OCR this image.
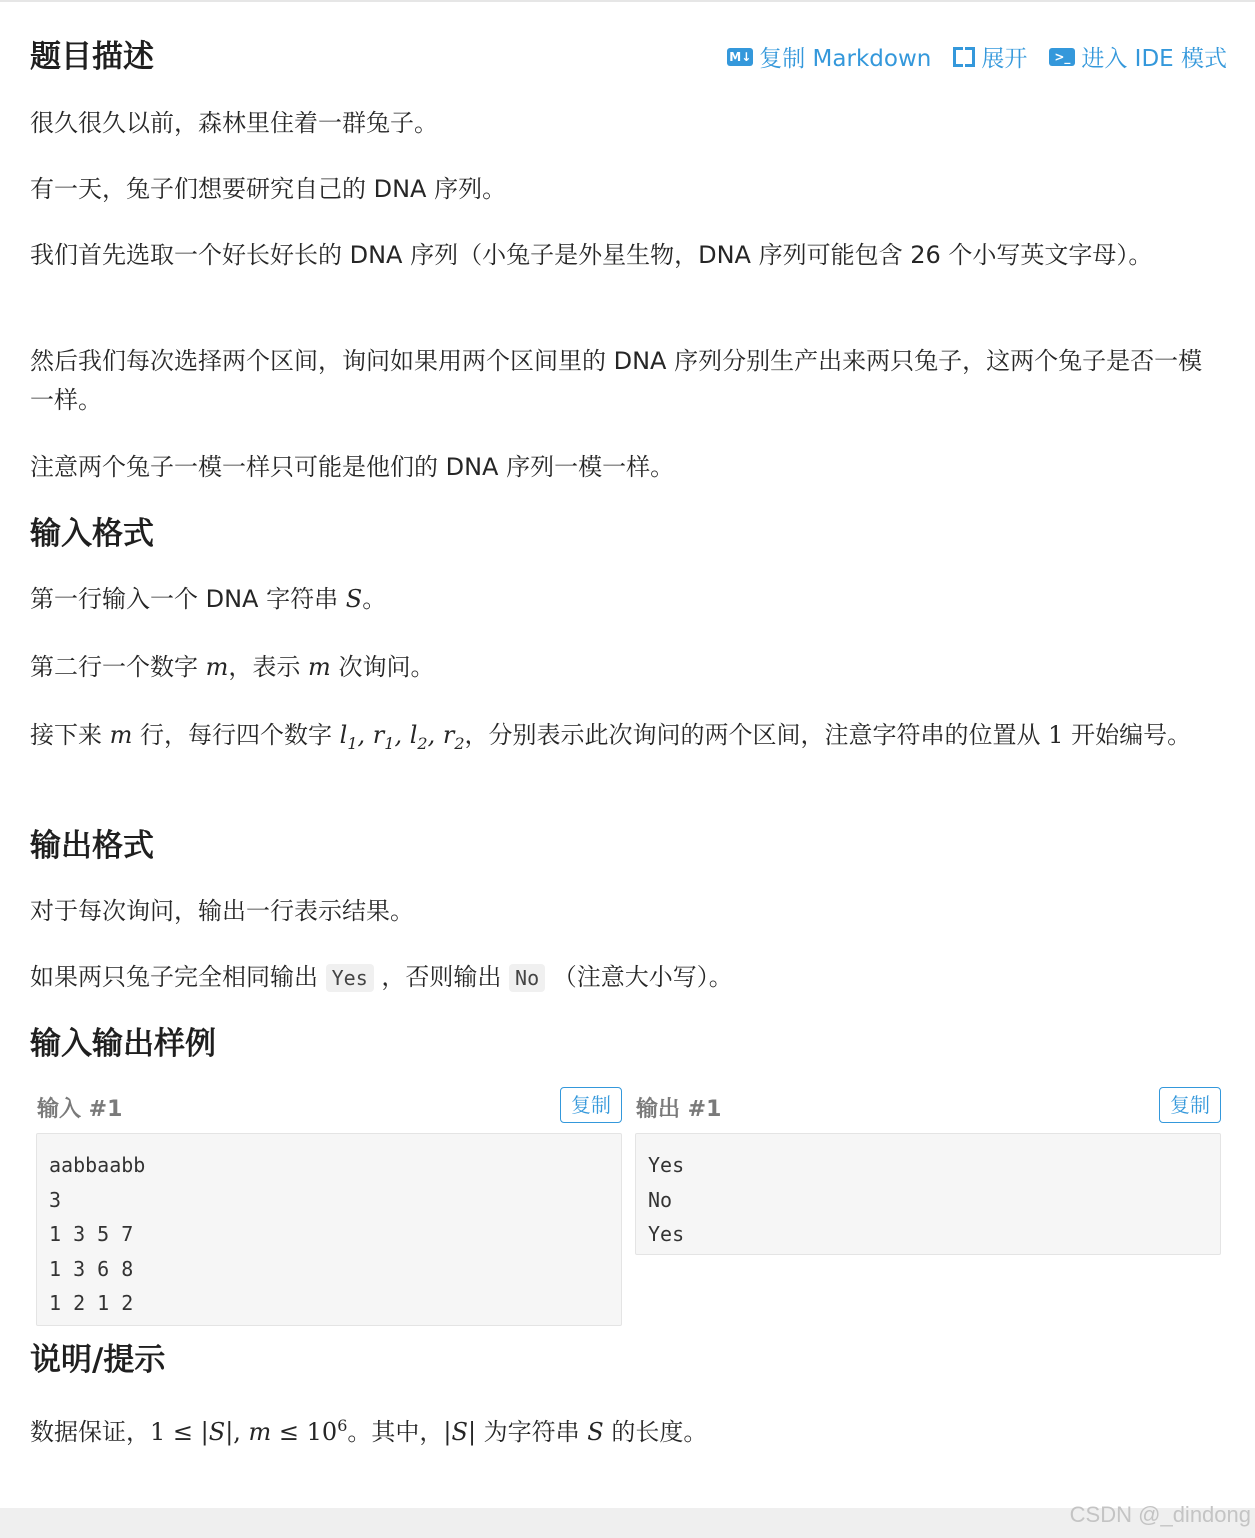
M↓ 复制 Markdown 展开	>_ 进入 IDE 模式
题目描述

很久很久以前，森林里住着一群兔子。

有一天，兔子们想要研究自己的 DNA 序列。

我们首先选取一个好长好长的 DNA 序列（小兔子是外星生物，DNA 序列可能包含 26 个小写英文字母）。

然后我们每次选择两个区间，询问如果用两个区间里的 DNA 序列分别生产出来两只兔子，这两个兔子是否一模一样。

注意两个兔子一模一样只可能是他们的 DNA 序列一模一样。

输入格式

第一行输入一个 DNA 字符串 S。

第二行一个数字 m，表示 m 次询问。

接下来 m 行，每行四个数字 $l_1$, $r_1$, $l_2$, $r_2$，分别表示此次询问的两个区间，注意字符串的位置从 1 开始编号。

输出格式

对于每次询问，输出一行表示结果。

如果两只兔子完全相同输出 Yes ，否则输出 No （注意大小写）。

输入输出样例
输入 #1	复制
aabbaabb
3
1 3 5 7
1 3 6 8
1 2 1 2
输出 #1	复制
Yes
No
Yes
说明/提示

数据保证，1 ≤ |S|, $m \le 10^6$。其中，|S| 为字符串 S 的长度。

CSDN @_dindong
